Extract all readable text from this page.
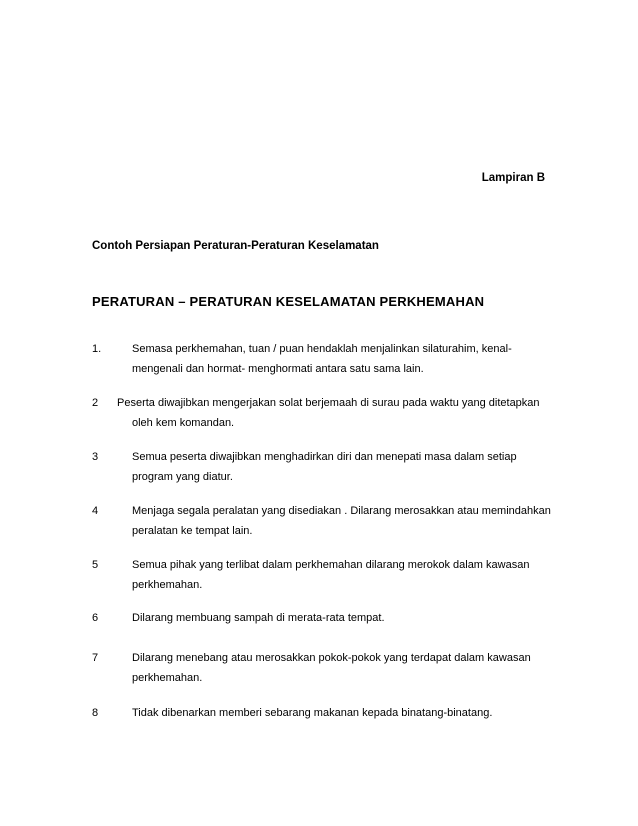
Lampiran B
Contoh Persiapan Peraturan-Peraturan Keselamatan
PERATURAN – PERATURAN KESELAMATAN PERKHEMAHAN
1.	Semasa perkhemahan, tuan / puan hendaklah menjalinkan silaturahim, kenal- mengenali dan hormat- menghormati antara satu sama lain.
2 Peserta diwajibkan mengerjakan solat berjemaah di surau pada waktu yang ditetapkan oleh kem komandan.
3	Semua peserta diwajibkan menghadirkan diri dan menepati masa dalam setiap program yang diatur.
4	Menjaga segala peralatan yang disediakan . Dilarang merosakkan atau memindahkan peralatan ke tempat lain.
5	Semua pihak yang terlibat dalam perkhemahan dilarang merokok dalam kawasan perkhemahan.
6	Dilarang membuang sampah di merata-rata tempat.
7	Dilarang menebang atau merosakkan pokok-pokok yang terdapat dalam kawasan perkhemahan.
8	Tidak dibenarkan memberi sebarang makanan kepada binatang-binatang.
